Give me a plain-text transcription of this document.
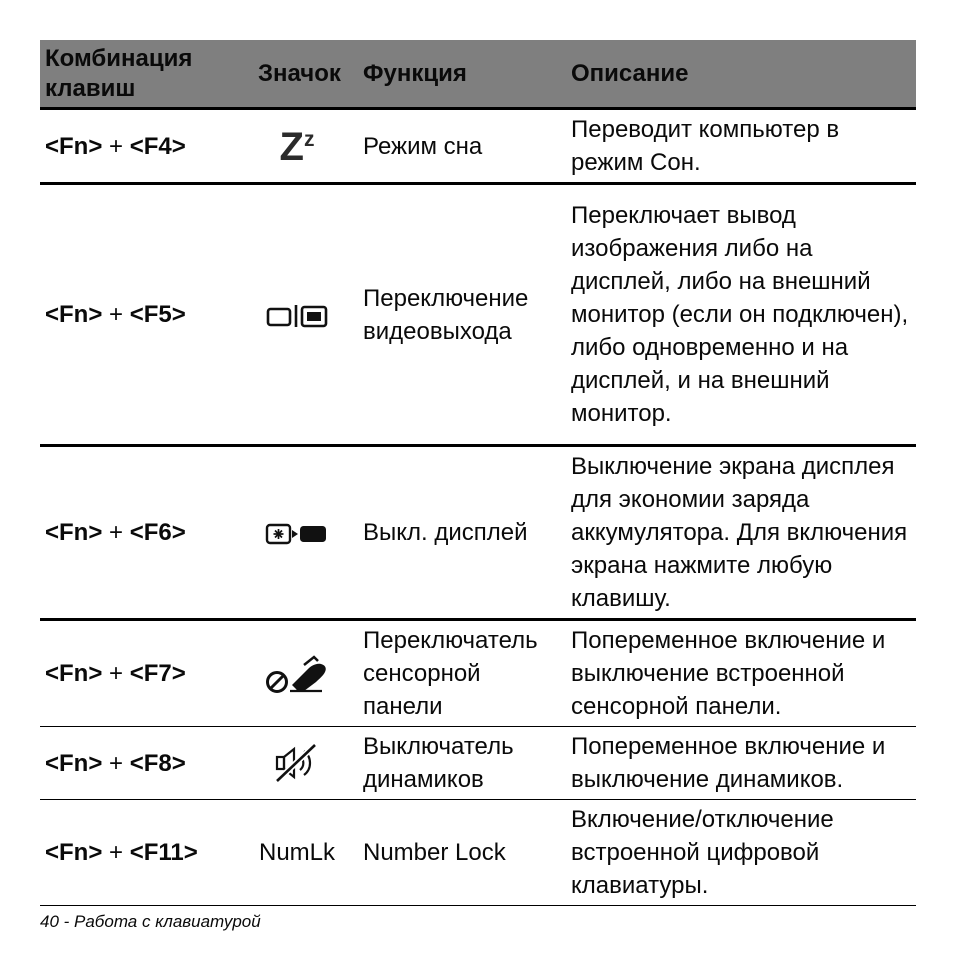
Комбинация клавиш	Значок	Функция	Описание
<Fn> + <F4>	Zz	Режим сна	Переводит компьютер в режим Сон.
<Fn> + <F5>		Переключение видеовыхода	Переключает вывод изображения либо на дисплей, либо на внешний монитор (если он подключен), либо одновременно и на дисплей, и на внешний монитор.
<Fn> + <F6>		Выкл. дисплей	Выключение экрана дисплея для экономии заряда аккумулятора. Для включения экрана нажмите любую клавишу.
<Fn> + <F7>		Переключатель сенсорной панели	Попеременное включение и выключение встроенной сенсорной панели.
<Fn> + <F8>		Выключатель динамиков	Попеременное включение и выключение динамиков.
<Fn> + <F11>	NumLk	Number Lock	Включение/отключение встроенной цифровой клавиатуры.
40 - Работа с клавиатурой
